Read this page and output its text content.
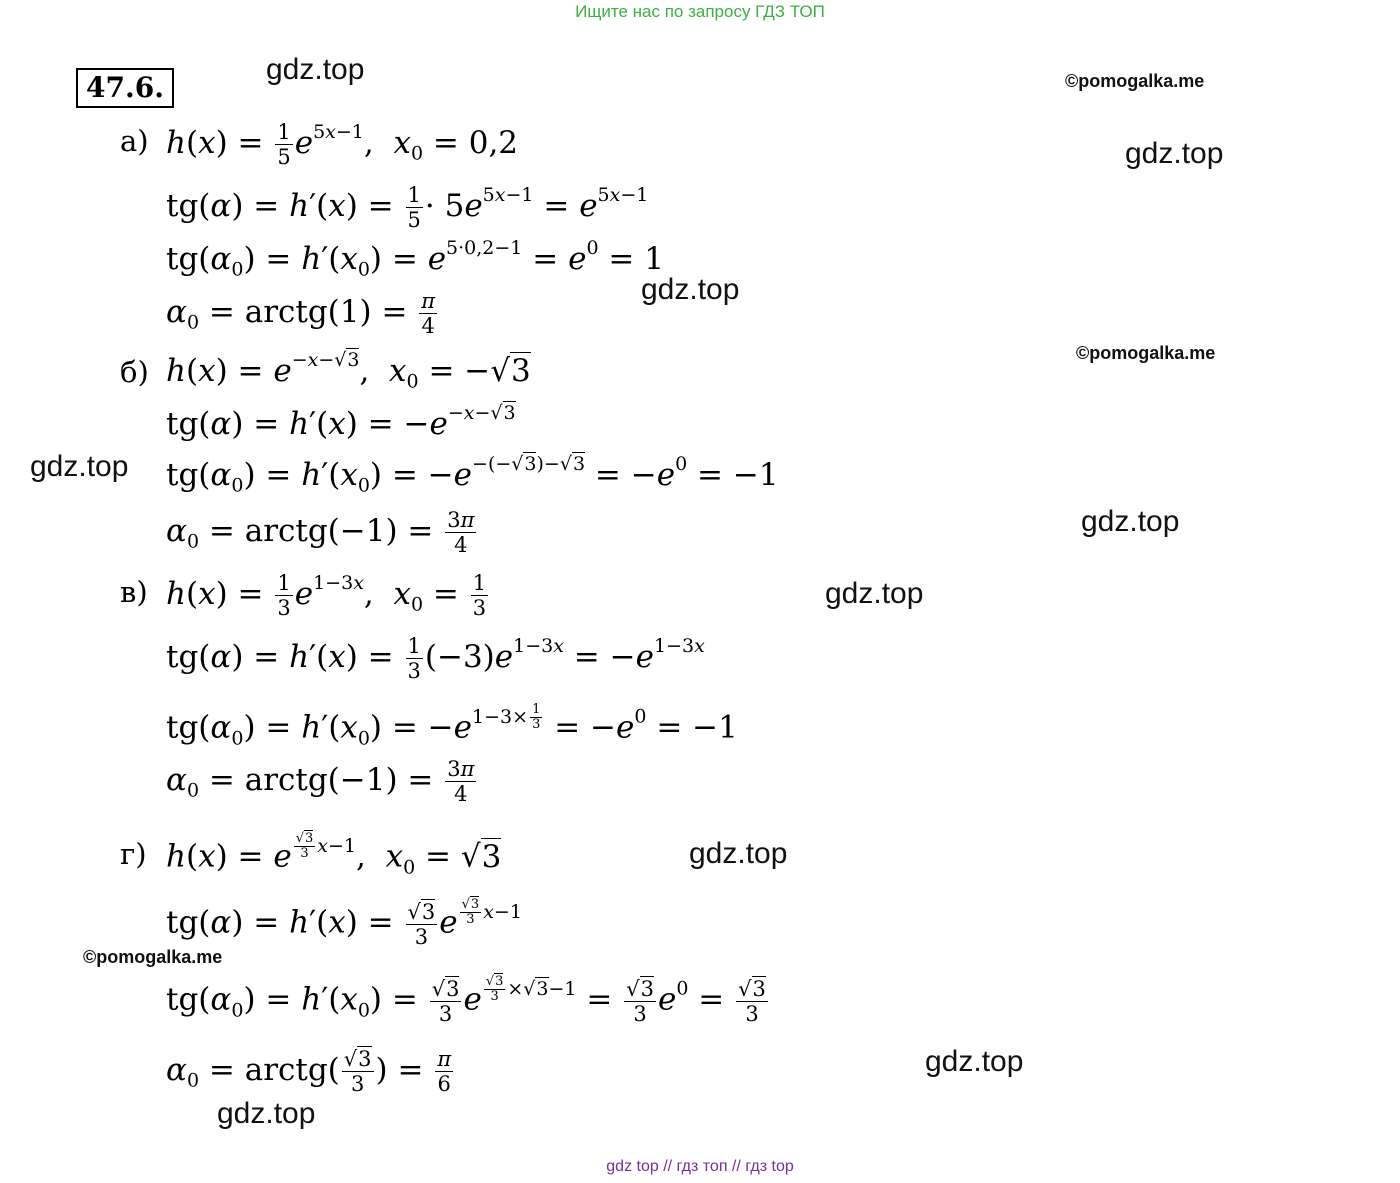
Ищите нас по запросу ГДЗ ТОП
47.6.
gdz.top
gdz.top
gdz.top
gdz.top
gdz.top
gdz.top
gdz.top
gdz.top
gdz.top
©pomogalka.me
©pomogalka.me
©pomogalka.me
а)
б)
в)
г)
$h(x) = \frac{1}{5} e^{5x-1}$,  $x_0 = 0,2$
$tg(\alpha) = h'(x) = \frac{1}{5} \cdot 5e^{5x-1} = e^{5x-1}$
$tg(\alpha_0) = h'(x_0) = e^{5\cdot 0,2-1} = e^0 = 1$
$\alpha_0$ = arctg(1) = $\frac{\pi}{4}$
$h(x) = e^{-x-√3}$,  $x_0 = -√3$
$tg(\alpha) = h'(x) = -e^{-x-√3}$
$tg(\alpha_0) = h'(x_0) = -e^{-(-√3)-√3} = -e^0 = -1$
$\alpha_0$ = arctg(−1) = $\frac{3\pi}{4}$
$h(x) = \frac{1}{3} e^{1-3x}$,  $x_0 = \frac{1}{3}$
$tg(\alpha) = h'(x) = \frac{1}{3} (-3)e^{1-3x} = -e^{1-3x}$
$tg(\alpha_0) = h'(x_0) = -e^{1-3\times \frac{1}{3}} = -e^0 = -1$
$\alpha_0$ = arctg(−1) = $\frac{3\pi}{4}$
h(x) = e $^{\frac{√3}{3} x-1}$,  $x_0 = √3$
$tg(\alpha) = h'(x) = \frac{√3}{3}$ e $^{\frac{√3}{3} x-1}$
$tg(\alpha_0) = h'(x_0) = \frac{√3}{3}$ e $^{\frac{√3}{3} \times√3-1} = \frac{√3}{3} e^0 = \frac{√3}{3}$
$\alpha_0$ = arctg( $\frac{√3}{3}$ ) = $\frac{\pi}{6}$
gdz top // гдз топ // гдз top
